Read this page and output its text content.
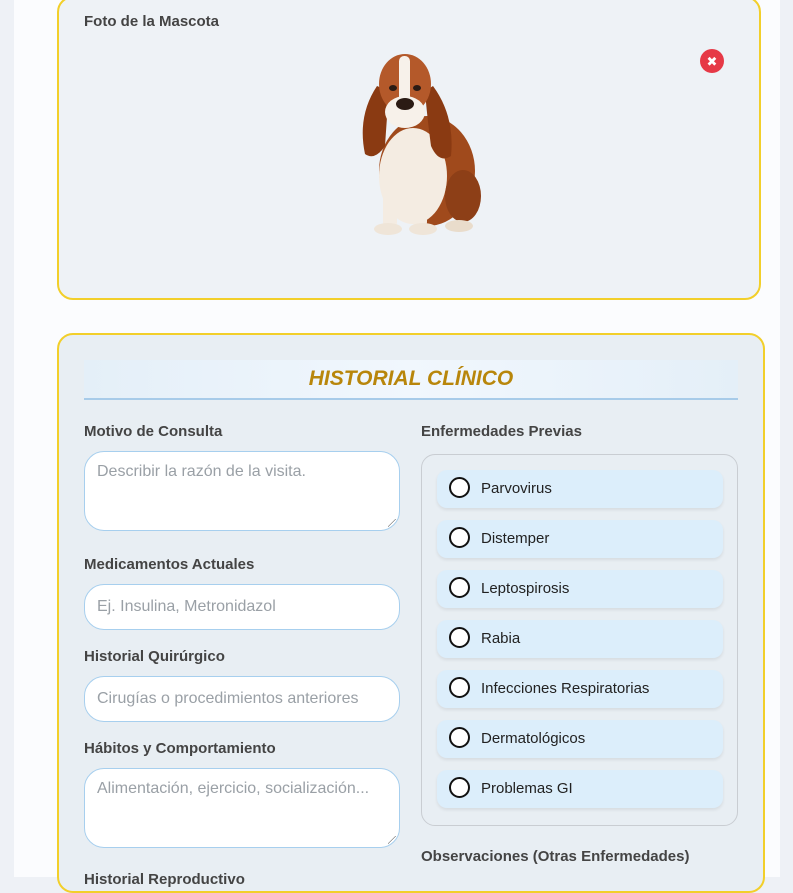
Foto de la Mascota
✖
HISTORIAL CLÍNICO
Motivo de Consulta
Describir la razón de la visita.
Medicamentos Actuales
Ej. Insulina, Metronidazol
Historial Quirúrgico
Cirugías o procedimientos anteriores
Hábitos y Comportamiento
Alimentación, ejercicio, socialización...
Historial Reproductivo
Enfermedades Previas
Parvovirus
Distemper
Leptospirosis
Rabia
Infecciones Respiratorias
Dermatológicos
Problemas GI
Observaciones (Otras Enfermedades)
